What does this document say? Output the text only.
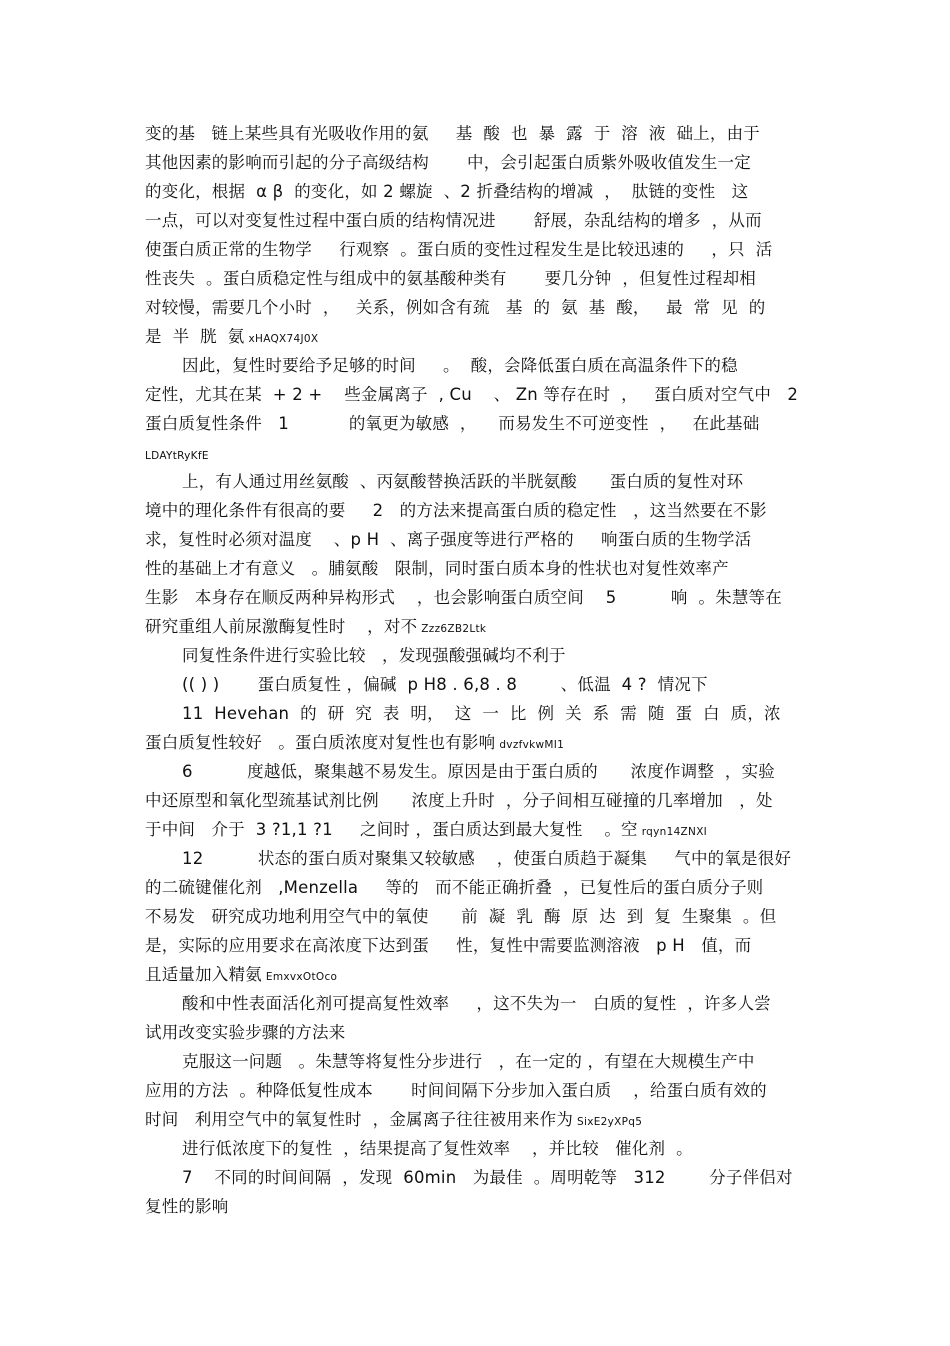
变的基   链上某些具有光吸收作用的氨     基  酸  也  暴  露  于  溶  液  础上，由于
其他因素的影响而引起的分子高级结构       中，会引起蛋白质紫外吸收值发生一定
的变化，根据  α β  的变化，如 2 螺旋  、2 折叠结构的增减  ，  肽链的变性   这
一点，可以对变复性过程中蛋白质的结构情况进       舒展，杂乱结构的增多  ，从而
使蛋白质正常的生物学     行观察  。蛋白质的变性过程发生是比较迅速的     ，只  活
性丧失  。蛋白质稳定性与组成中的氨基酸种类有       要几分钟  ，但复性过程却相
对较慢，需要几个小时  ，   关系，例如含有巯   基  的  氨  基  酸，   最  常  见  的
是  半  胱  氨 xHAQX74J0X
因此，复性时要给予足够的时间     。  酸，会降低蛋白质在高温条件下的稳
定性，尤其在某  + 2 +    些金属离子  , Cu    、 Zn 等存在时  ，   蛋白质对空气中   2
蛋白质复性条件   1           的氧更为敏感  ，    而易发生不可逆变性  ，   在此基础
LDAYtRyKfE
上，有人通过用丝氨酸  、丙氨酸替换活跃的半胱氨酸      蛋白质的复性对环
境中的理化条件有很高的要     2   的方法来提高蛋白质的稳定性   ，这当然要在不影
求，复性时必须对温度    、p H  、离子强度等进行严格的     响蛋白质的生物学活
性的基础上才有意义   。脯氨酸   限制，同时蛋白质本身的性状也对复性效率产
生影   本身存在顺反两种异构形式    ，也会影响蛋白质空间    5          响  。朱慧等在
研究重组人前尿激酶复性时    ，对不 Zzz6ZB2Ltk
同复性条件进行实验比较   ，发现强酸强碱均不利于
(( ) )       蛋白质复性 ，偏碱  p H8 . 6,8 . 8        、低温  4 ?  情况下
11  Hevehan  的  研  究  表  明，  这  一  比  例  关  系  需  随  蛋  白  质，浓
蛋白质复性较好   。蛋白质浓度对复性也有影响 dvzfvkwMI1
6          度越低，聚集越不易发生。原因是由于蛋白质的      浓度作调整  ，实验
中还原型和氧化型巯基试剂比例      浓度上升时  ，分子间相互碰撞的几率增加   ，处
于中间   介于  3 ?1,1 ?1     之间时 ，蛋白质达到最大复性    。空 rqyn14ZNXI
12          状态的蛋白质对聚集又较敏感    ，使蛋白质趋于凝集     气中的氧是很好
的二硫键催化剂   ,Menzella     等的   而不能正确折叠  ，已复性后的蛋白质分子则
不易发   研究成功地利用空气中的氧使      前  凝  乳  酶  原  达  到  复  生聚集  。但
是，实际的应用要求在高浓度下达到蛋     性，复性中需要监测溶液   p H   值，而
且适量加入精氨 EmxvxOtOco
酸和中性表面活化剂可提高复性效率     ，这不失为一   白质的复性  ，许多人尝
试用改变实验步骤的方法来
克服这一问题   。朱慧等将复性分步进行   ，在一定的 ，有望在大规模生产中
应用的方法  。种降低复性成本       时间间隔下分步加入蛋白质    ，给蛋白质有效的
时间   利用空气中的氧复性时  ，金属离子往往被用来作为 SixE2yXPq5
进行低浓度下的复性  ，结果提高了复性效率    ，并比较   催化剂  。
7    不同的时间间隔  ，发现  60min   为最佳  。周明乾等   312        分子伴侣对
复性的影响
